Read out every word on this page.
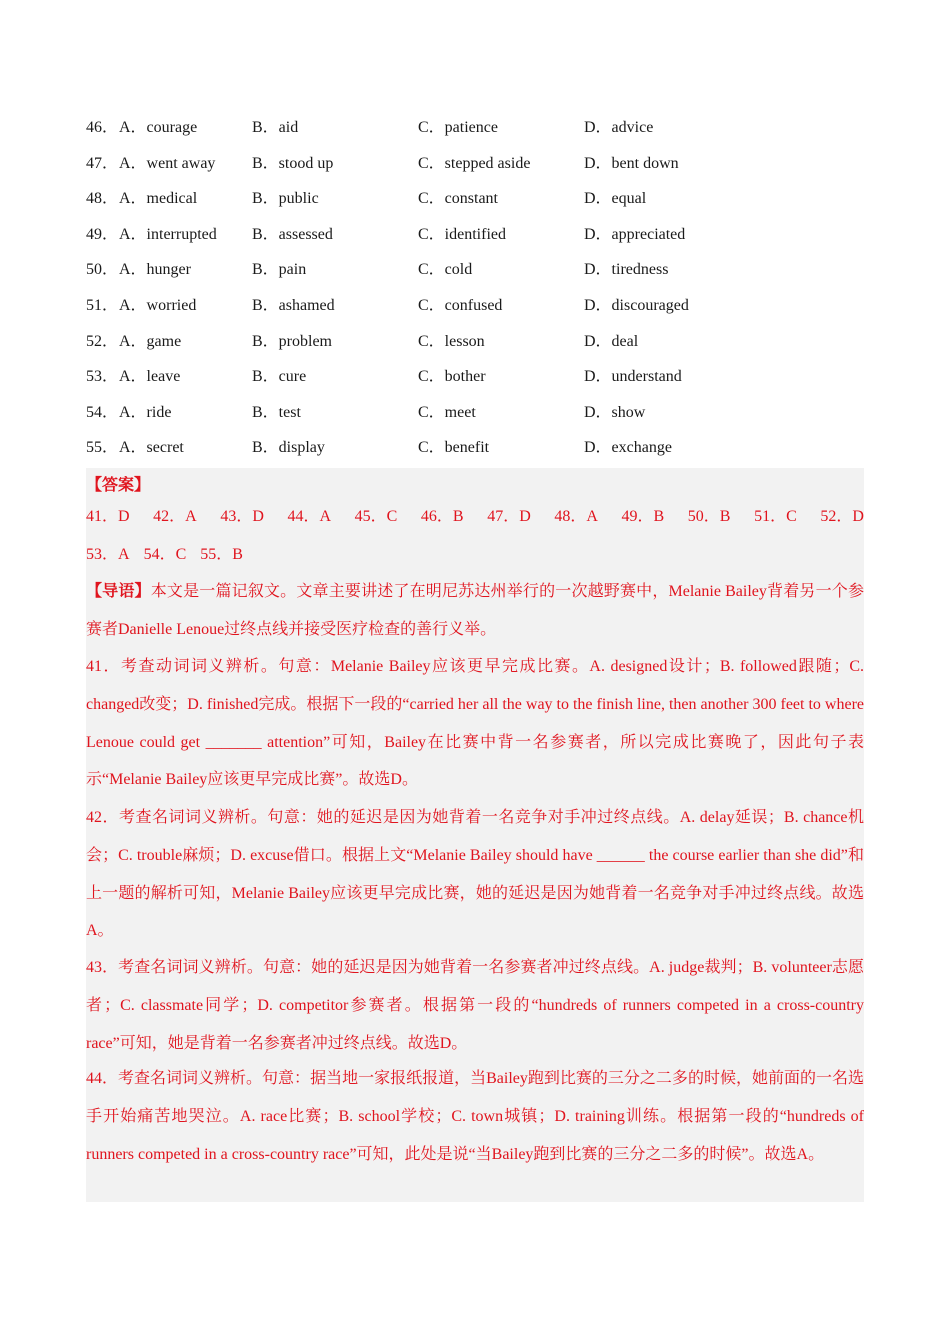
46． A．courage	B．aid	C．patience	D．advice
47． A．went away B．stood up	C．stepped aside	D．bent down
48． A．medical	B．public	C．constant	D．equal
49． A．interrupted B．assessed	C．identified	D．appreciated
50． A．hunger	B．pain	C．cold	D．tiredness
51． A．worried	B．ashamed	C．confused	D．discouraged
52． A．game	B．problem	C．lesson	D．deal
53． A．leave	B．cure	C．bother	D．understand
54． A．ride	B．test	C．meet	D．show
55． A．secret	B．display	C．benefit	D．exchange
【答案】
41．D 42．A 43．D 44．A 45．C 46．B 47．D 48．A 49．B 50．B 51．C 52．D
53．A 54．C 55．B
【导语】本文是一篇记叙文。文章主要讲述了在明尼苏达州举行的一次越野赛中，Melanie Bailey背着另一个参赛者Danielle Lenoue过终点线并接受医疗检查的善行义举。
41．考查动词词义辨析。句意：Melanie Bailey应该更早完成比赛。A. designed设计；B. followed跟随；C. changed改变；D. finished完成。根据下一段的“carried her all the way to the finish line, then another 300 feet to where Lenoue could get _______ attention”可知，Bailey在比赛中背一名参赛者，所以完成比赛晚了，因此句子表示“Melanie Bailey应该更早完成比赛”。故选D。
42．考查名词词义辨析。句意：她的延迟是因为她背着一名竞争对手冲过终点线。A. delay延误；B. chance机会；C. trouble麻烦；D. excuse借口。根据上文“Melanie Bailey should have ______ the course earlier than she did”和上一题的解析可知，Melanie Bailey应该更早完成比赛，她的延迟是因为她背着一名竞争对手冲过终点线。故选A。
43．考查名词词义辨析。句意：她的延迟是因为她背着一名参赛者冲过终点线。A. judge裁判；B. volunteer志愿者；C. classmate同学；D. competitor参赛者。根据第一段的“hundreds of runners competed in a cross-country race”可知，她是背着一名参赛者冲过终点线。故选D。
44．考查名词词义辨析。句意：据当地一家报纸报道，当Bailey跑到比赛的三分之二多的时候，她前面的一名选手开始痛苦地哭泣。A. race比赛；B. school学校；C. town城镇；D. training训练。根据第一段的“hundreds of runners competed in a cross-country race”可知，此处是说“当Bailey跑到比赛的三分之二多的时候”。故选A。
